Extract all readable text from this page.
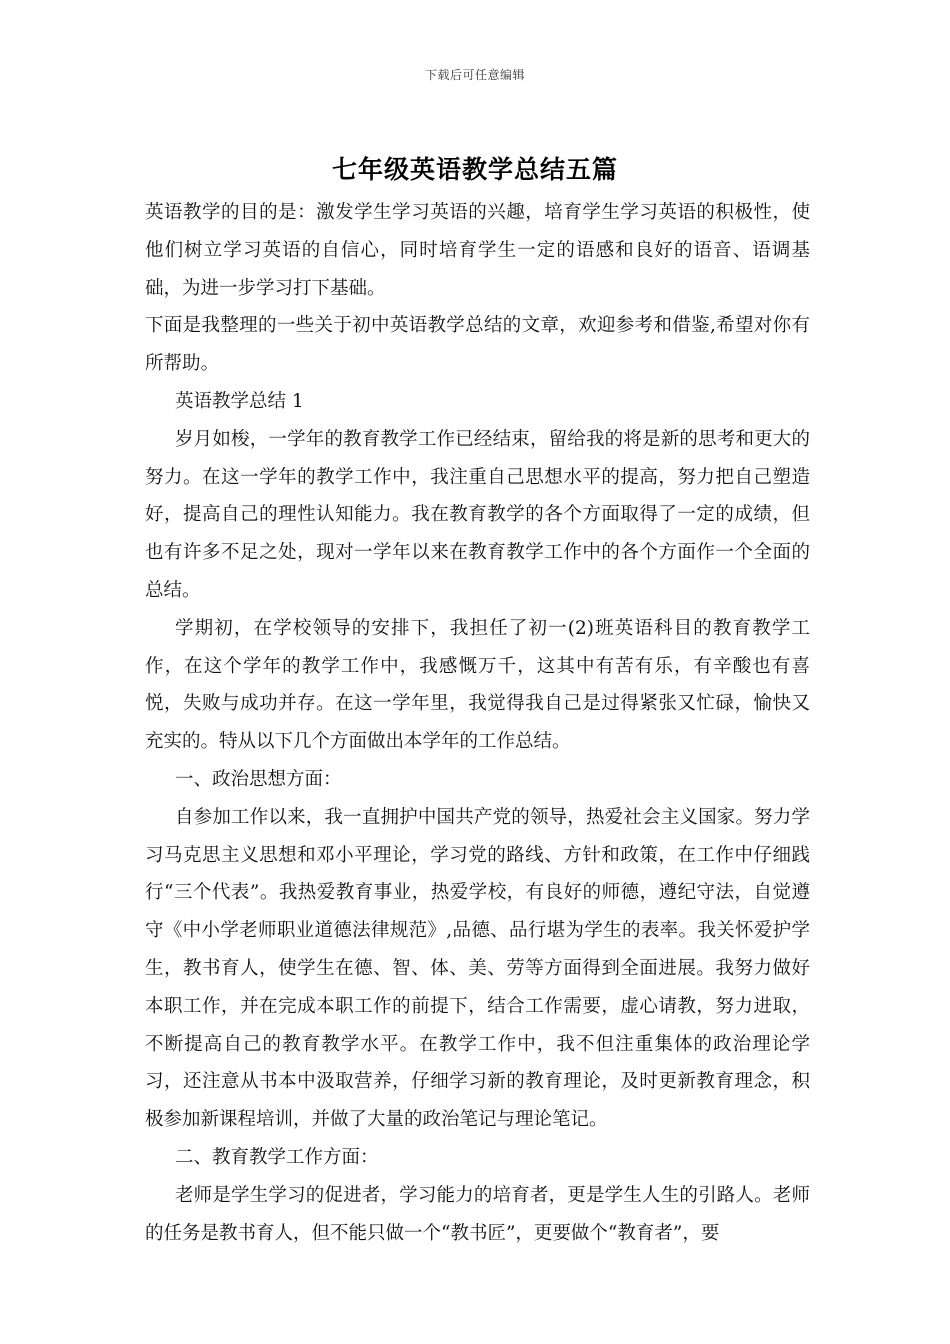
下载后可任意编辑
七年级英语教学总结五篇

英语教学的目的是：激发学生学习英语的兴趣，培育学生学习英语的积极性，使他们树立学习英语的自信心，同时培育学生一定的语感和良好的语音、语调基础，为进一步学习打下基础。

下面是我整理的一些关于初中英语教学总结的文章，欢迎参考和借鉴,希望对你有所帮助。

英语教学总结 1

岁月如梭，一学年的教育教学工作已经结束，留给我的将是新的思考和更大的努力。在这一学年的教学工作中，我注重自己思想水平的提高，努力把自己塑造好，提高自己的理性认知能力。我在教育教学的各个方面取得了一定的成绩，但也有许多不足之处，现对一学年以来在教育教学工作中的各个方面作一个全面的总结。

学期初，在学校领导的安排下，我担任了初一(2)班英语科目的教育教学工作，在这个学年的教学工作中，我感慨万千，这其中有苦有乐，有辛酸也有喜悦，失败与成功并存。在这一学年里，我觉得我自己是过得紧张又忙碌，愉快又充实的。特从以下几个方面做出本学年的工作总结。

一、政治思想方面：

自参加工作以来，我一直拥护中国共产党的领导，热爱社会主义国家。努力学习马克思主义思想和邓小平理论，学习党的路线、方针和政策，在工作中仔细践行“三个代表”。我热爱教育事业，热爱学校，有良好的师德，遵纪守法，自觉遵守《中小学老师职业道德法律规范》,品德、品行堪为学生的表率。我关怀爱护学生，教书育人，使学生在德、智、体、美、劳等方面得到全面进展。我努力做好本职工作，并在完成本职工作的前提下，结合工作需要，虚心请教，努力进取，不断提高自己的教育教学水平。在教学工作中，我不但注重集体的政治理论学习，还注意从书本中汲取营养，仔细学习新的教育理论，及时更新教育理念，积极参加新课程培训，并做了大量的政治笔记与理论笔记。

二、教育教学工作方面：

老师是学生学习的促进者，学习能力的培育者，更是学生人生的引路人。老师的任务是教书育人，但不能只做一个“教书匠”，更要做个“教育者”，要
